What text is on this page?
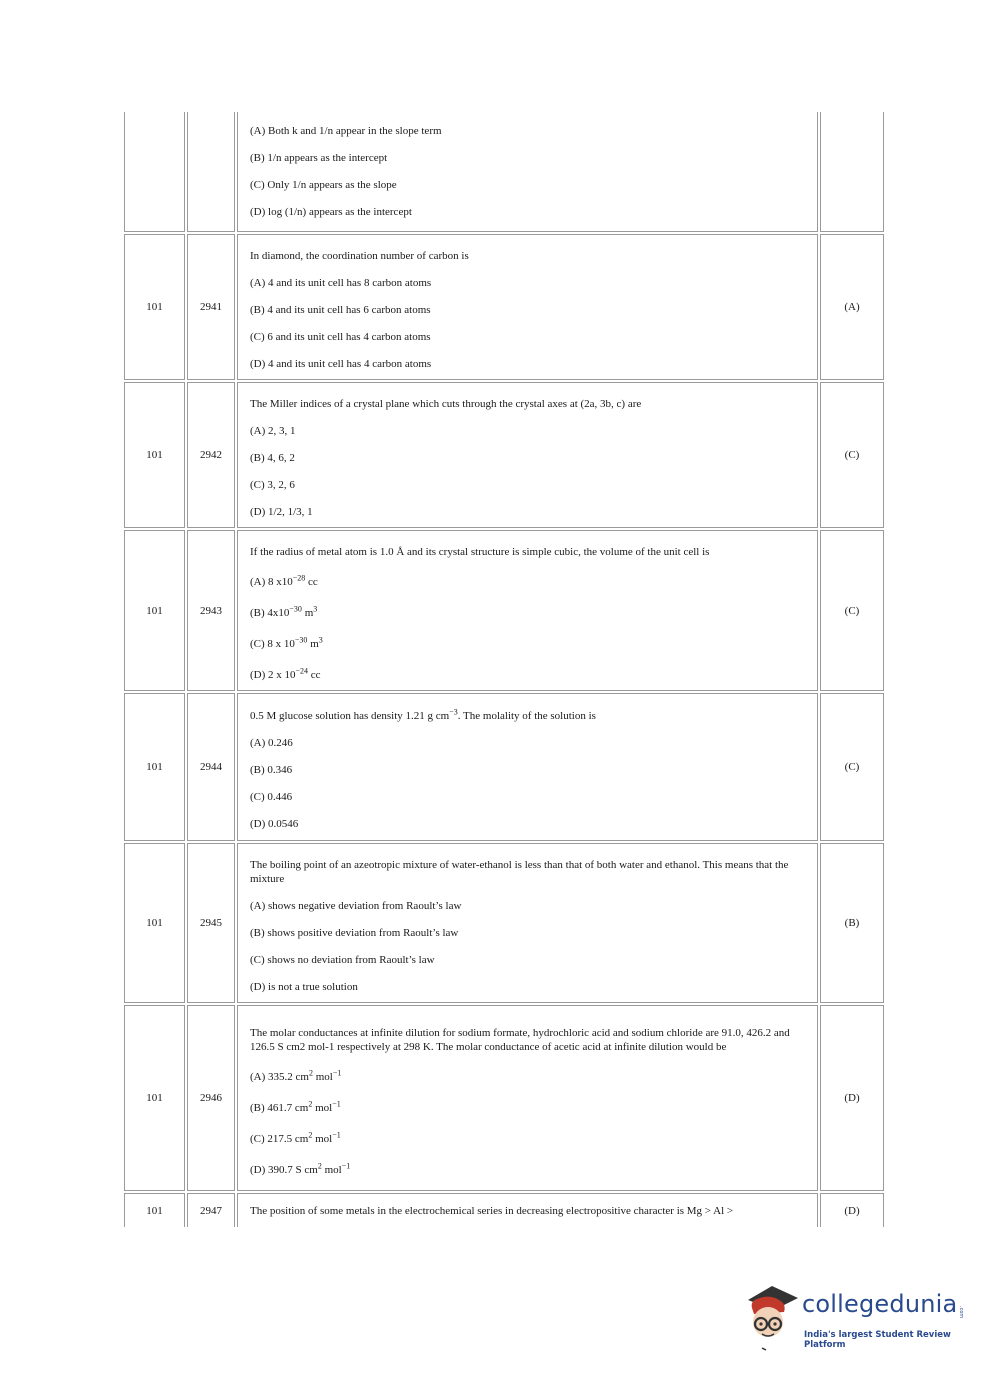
		(A) Both k and 1/n appear in the slope term

(B) 1/n appears as the intercept

(C) Only 1/n appears as the slope

(D) log (1/n) appears as the intercept	

101	2941	In diamond, the coordination number of carbon is

(A) 4 and its unit cell has 8 carbon atoms

(B) 4 and its unit cell has 6 carbon atoms

(C) 6 and its unit cell has 4 carbon atoms

(D) 4 and its unit cell has 4 carbon atoms	(A)
101	2942	The Miller indices of a crystal plane which cuts through the crystal axes at (2a, 3b, c) are

(A) 2, 3, 1

(B) 4, 6, 2

(C) 3, 2, 6

(D) 1/2, 1/3, 1	(C)
101	2943	If the radius of metal atom is 1.0 Å and its crystal structure is simple cubic, the volume of the unit cell is

(A) 8 $x10^{-28}$ cc

(B) $4x10^{-30}$ $m^3$

(C) 8 x $10^{-30}$ $m^3$

(D) 2 x $10^{-24}$ cc	(C)
101	2944	0.5 M glucose solution has density 1.21 g $cm^{-3}$. The molality of the solution is

(A) 0.246

(B) 0.346

(C) 0.446

(D) 0.0546	(C)
101	2945	The boiling point of an azeotropic mixture of water-ethanol is less than that of both water and ethanol. This means that the mixture

(A) shows negative deviation from Raoult’s law

(B) shows positive deviation from Raoult’s law

(C) shows no deviation from Raoult’s law

(D) is not a true solution	(B)
101	2946	The molar conductances at infinite dilution for sodium formate, hydrochloric acid and sodium chloride are 91.0, 426.2 and 126.5 S cm2 mol-1 respectively at 298 K. The molar conductance of acetic acid at infinite dilution would be

(A) 335.2 $cm^2$ mol$^{-1}$

(B) 461.7 $cm^2$ mol$^{-1}$

(C) 217.5 $cm^2$ mol$^{-1}$

(D) 390.7 S $cm^2$ mol$^{-1}$	(D)
101	2947	The position of some metals in the electrochemical series in decreasing electropositive character is Mg > Al >	(D)
collegedunia .com
India's largest Student Review Platform
